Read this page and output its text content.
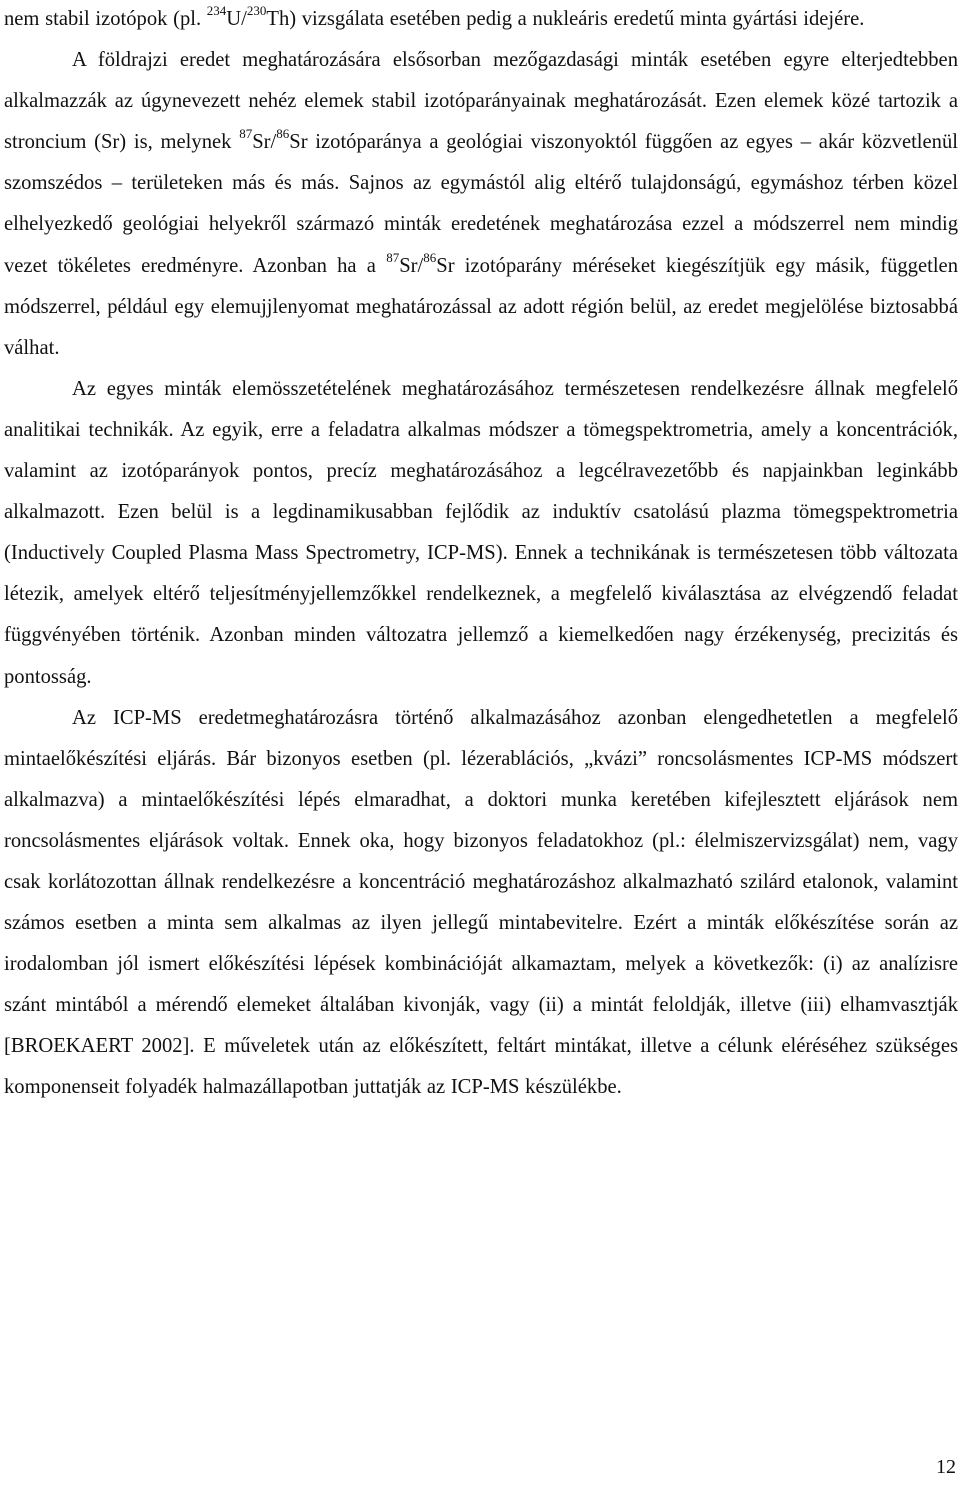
nem stabil izotópok (pl. $^{234}$U/$^{230}$Th) vizsgálata esetében pedig a nukleáris eredetű minta gyártási idejére.

A földrajzi eredet meghatározására elsősorban mezőgazdasági minták esetében egyre elterjedtebben alkalmazzák az úgynevezett nehéz elemek stabil izotóparányainak meghatározását. Ezen elemek közé tartozik a stroncium (Sr) is, melynek $^{87}$Sr/$^{86}$Sr izotóparánya a geológiai viszonyoktól függően az egyes – akár közvetlenül szomszédos – területeken más és más. Sajnos az egymástól alig eltérő tulajdonságú, egymáshoz térben közel elhelyezkedő geológiai helyekről származó minták eredetének meghatározása ezzel a módszerrel nem mindig vezet tökéletes eredményre. Azonban ha a $^{87}$Sr/$^{86}$Sr izotóparány méréseket kiegészítjük egy másik, független módszerrel, például egy elemujjlenyomat meghatározással az adott régión belül, az eredet megjelölése biztosabbá válhat.

Az egyes minták elemösszetételének meghatározásához természetesen rendelkezésre állnak megfelelő analitikai technikák. Az egyik, erre a feladatra alkalmas módszer a tömegspektrometria, amely a koncentrációk, valamint az izotóparányok pontos, precíz meghatározásához a legcélravezetőbb és napjainkban leginkább alkalmazott. Ezen belül is a legdinamikusabban fejlődik az induktív csatolású plazma tömegspektrometria (Inductively Coupled Plasma Mass Spectrometry, ICP-MS). Ennek a technikának is természetesen több változata létezik, amelyek eltérő teljesítményjellemzőkkel rendelkeznek, a megfelelő kiválasztása az elvégzendő feladat függvényében történik. Azonban minden változatra jellemző a kiemelkedően nagy érzékenység, precizitás és pontosság.

Az ICP-MS eredetmeghatározásra történő alkalmazásához azonban elengedhetetlen a megfelelő mintaelőkészítési eljárás. Bár bizonyos esetben (pl. lézerablációs, „kvázi” roncsolásmentes ICP-MS módszert alkalmazva) a mintaelőkészítési lépés elmaradhat, a doktori munka keretében kifejlesztett eljárások nem roncsolásmentes eljárások voltak. Ennek oka, hogy bizonyos feladatokhoz (pl.: élelmiszervizsgálat) nem, vagy csak korlátozottan állnak rendelkezésre a koncentráció meghatározáshoz alkalmazható szilárd etalonok, valamint számos esetben a minta sem alkalmas az ilyen jellegű mintabevitelre. Ezért a minták előkészítése során az irodalomban jól ismert előkészítési lépések kombinációját alkamaztam, melyek a következők: (i) az analízisre szánt mintából a mérendő elemeket általában kivonják, vagy (ii) a mintát feloldják, illetve (iii) elhamvasztják [BROEKAERT 2002]. E műveletek után az előkészített, feltárt mintákat, illetve a célunk eléréséhez szükséges komponenseit folyadék halmazállapotban juttatják az ICP-MS készülékbe.

12
